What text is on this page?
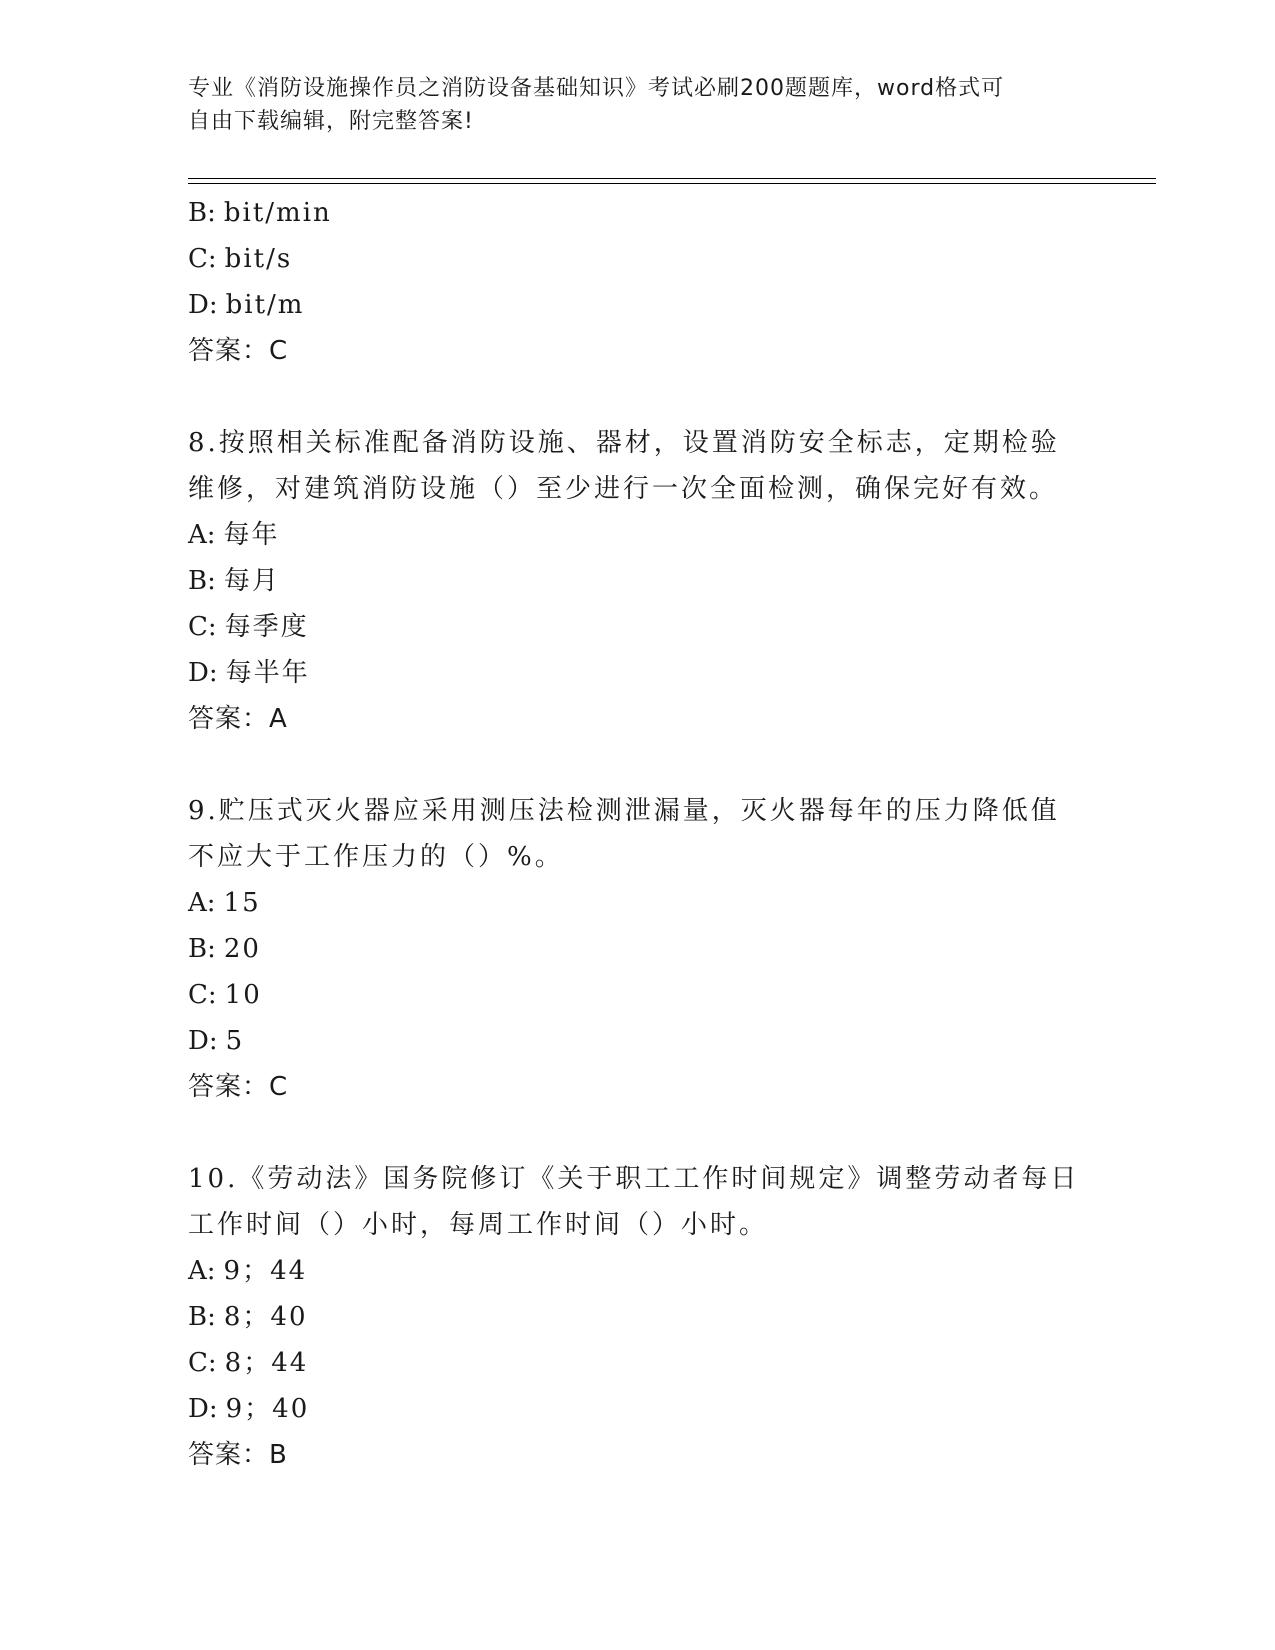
专业《消防设施操作员之消防设备基础知识》考试必刷200题题库，word格式可
自由下载编辑，附完整答案!
B: bit/min
C: bit/s
D: bit/m
答案：C
8.按照相关标准配备消防设施、器材，设置消防安全标志，定期检验
维修，对建筑消防设施（）至少进行一次全面检测，确保完好有效。
A: 每年
B: 每月
C: 每季度
D: 每半年
答案：A
9.贮压式灭火器应采用测压法检测泄漏量，灭火器每年的压力降低值
不应大于工作压力的（）%。
A: 15
B: 20
C: 10
D: 5
答案：C
10.《劳动法》国务院修订《关于职工工作时间规定》调整劳动者每日
工作时间（）小时，每周工作时间（）小时。
A: 9；44
B: 8；40
C: 8；44
D: 9；40
答案：B
